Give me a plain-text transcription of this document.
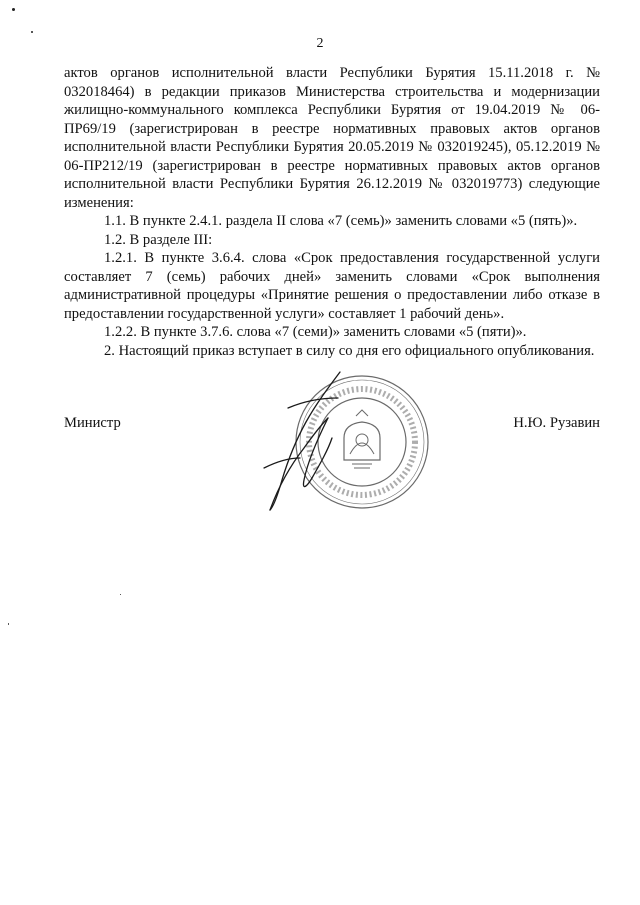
2

актов органов исполнительной власти Республики Бурятия 15.11.2018 г. № 032018464) в редакции приказов Министерства строительства и модернизации жилищно-коммунального комплекса Республики Бурятия от 19.04.2019 № 06-ПР69/19 (зарегистрирован в реестре нормативных правовых актов органов исполнительной власти Республики Бурятия 20.05.2019 № 032019245), 05.12.2019 № 06-ПР212/19 (зарегистрирован в реестре нормативных правовых актов органов исполнительной власти Республики Бурятия 26.12.2019 № 032019773) следующие изменения:

1.1. В пункте 2.4.1. раздела II слова «7 (семь)» заменить словами «5 (пять)».

1.2. В разделе III:

1.2.1. В пункте 3.6.4. слова «Срок предоставления государственной услуги составляет 7 (семь) рабочих дней» заменить словами «Срок выполнения административной процедуры «Принятие решения о предоставлении либо отказе в предоставлении государственной услуги» составляет 1 рабочий день».

1.2.2. В пункте 3.7.6. слова «7 (семи)» заменить словами «5 (пяти)».

2. Настоящий приказ вступает в силу со дня его официального опубликования.

Министр	Н.Ю. Рузавин
